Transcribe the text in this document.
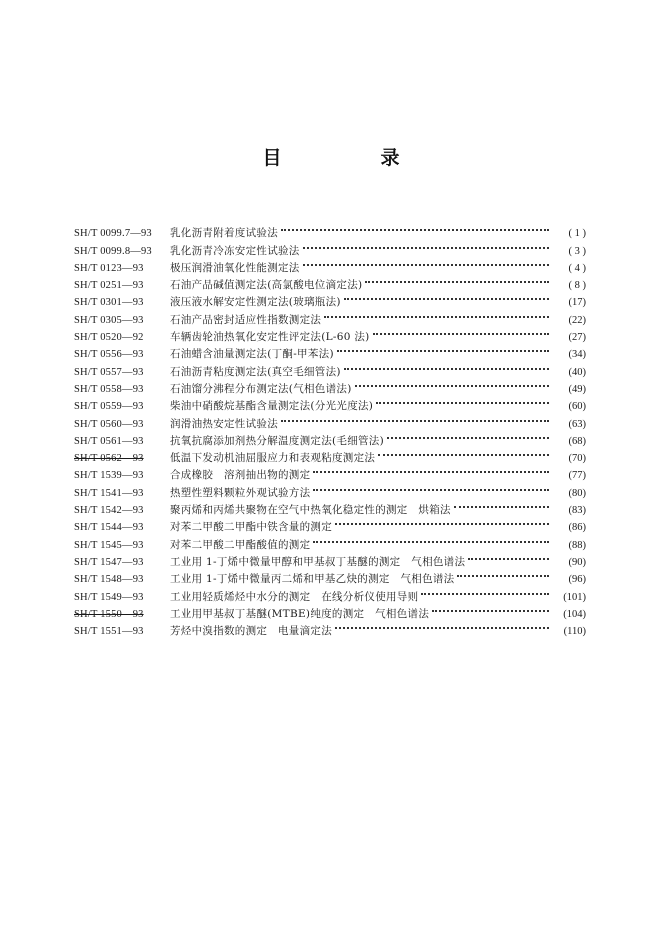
目　录
SH/T 0099.7—93	乳化沥青附着度试验法	( 1 )
SH/T 0099.8—93	乳化沥青冷冻安定性试验法	( 3 )
SH/T 0123—93	极压润滑油氧化性能测定法	( 4 )
SH/T 0251—93	石油产品碱值测定法(高氯酸电位滴定法)	( 8 )
SH/T 0301—93	液压液水解安定性测定法(玻璃瓶法)	(17)
SH/T 0305—93	石油产品密封适应性指数测定法	(22)
SH/T 0520—92	车辆齿轮油热氧化安定性评定法(L-60 法)	(27)
SH/T 0556—93	石油蜡含油量测定法(丁酮-甲苯法)	(34)
SH/T 0557—93	石油沥青粘度测定法(真空毛细管法)	(40)
SH/T 0558—93	石油馏分沸程分布测定法(气相色谱法)	(49)
SH/T 0559—93	柴油中硝酸烷基酯含量测定法(分光光度法)	(60)
SH/T 0560—93	润滑油热安定性试验法	(63)
SH/T 0561—93	抗氧抗腐添加剂热分解温度测定法(毛细管法)	(68)
SH/T 0562—93	低温下发动机油屈服应力和表观粘度测定法	(70)
SH/T 1539—93	合成橡胶　溶剂抽出物的测定	(77)
SH/T 1541—93	热塑性塑料颗粒外观试验方法	(80)
SH/T 1542—93	聚丙烯和丙烯共聚物在空气中热氧化稳定性的测定　烘箱法	(83)
SH/T 1544—93	对苯二甲酸二甲酯中铁含量的测定	(86)
SH/T 1545—93	对苯二甲酸二甲酯酸值的测定	(88)
SH/T 1547—93	工业用 1-丁烯中微量甲醇和甲基叔丁基醚的测定　气相色谱法	(90)
SH/T 1548—93	工业用 1-丁烯中微量丙二烯和甲基乙炔的测定　气相色谱法	(96)
SH/T 1549—93	工业用轻质烯烃中水分的测定　在线分析仪使用导则	(101)
SH/T 1550—93	工业用甲基叔丁基醚(MTBE)纯度的测定　气相色谱法	(104)
SH/T 1551—93	芳烃中溴指数的测定　电量滴定法	(110)
